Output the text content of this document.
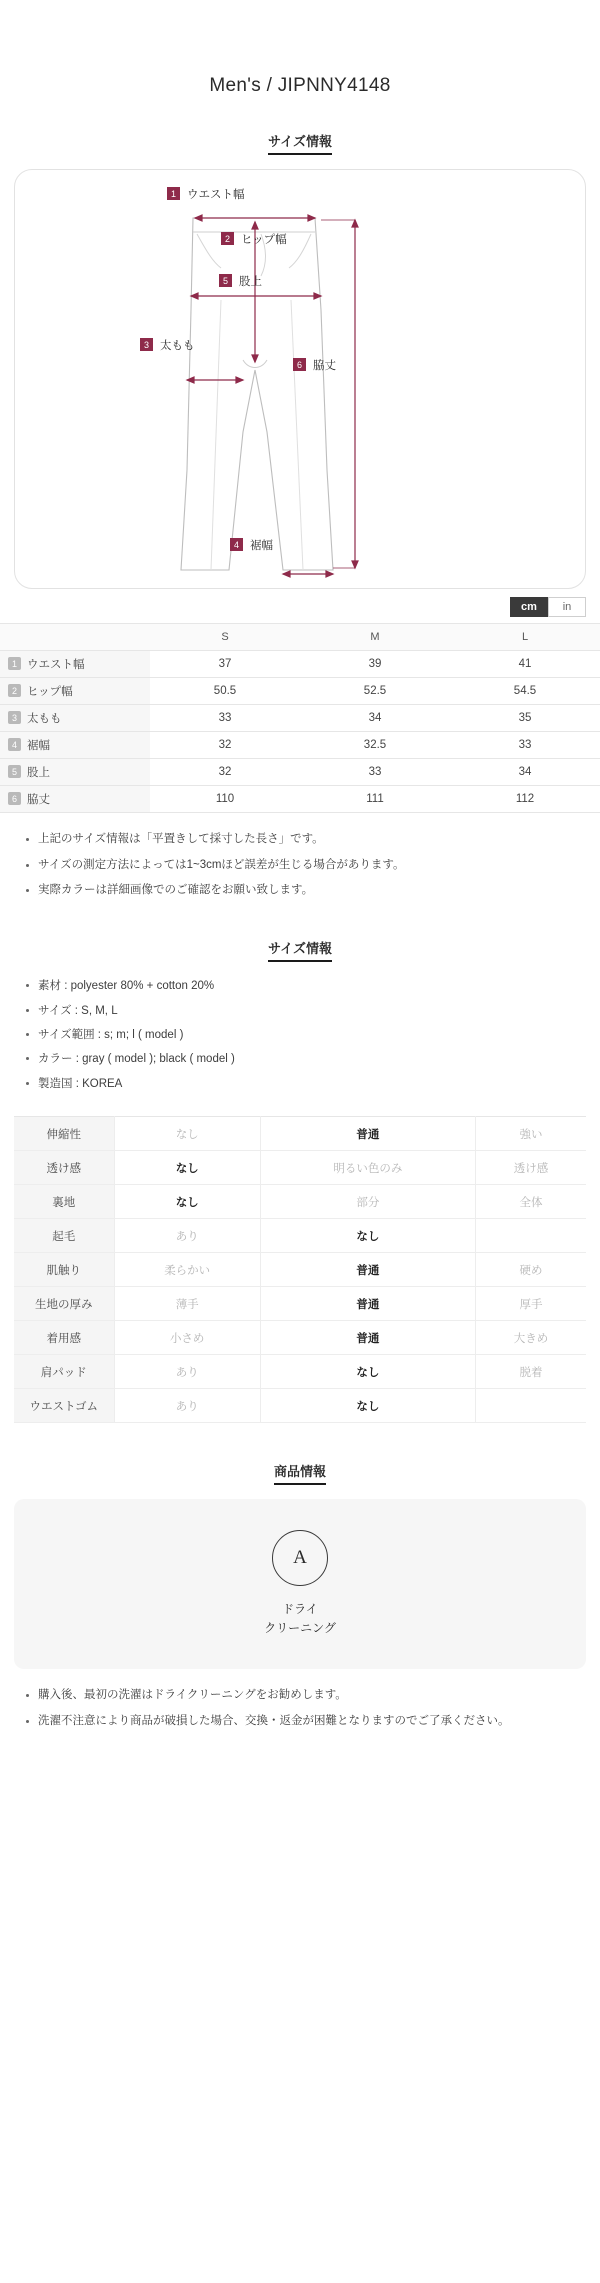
Men's / JIPNNY4148
サイズ情報
1 ウエスト幅
2 ヒップ幅
5 股上
3 太もも
6 脇丈
4 裾幅
cm	in
	S	M	L
1 ウエスト幅	37	39	41
2 ヒップ幅	50.5	52.5	54.5
3 太もも	33	34	35
4 裾幅	32	32.5	33
5 股上	32	33	34
6 脇丈	110	111	112
上記のサイズ情報は「平置きして採寸した長さ」です。
サイズの測定方法によっては1~3cmほど誤差が生じる場合があります。
実際カラーは詳細画像でのご確認をお願い致します。
サイズ情報
素材 : polyester 80% + cotton 20%
サイズ : S, M, L
サイズ範囲 : s; m; l ( model )
カラー : gray ( model ); black ( model )
製造国 : KOREA
伸縮性	なし	普通	強い
透け感	なし	明るい色のみ	透け感
裏地	なし	部分	全体
起毛	あり	なし	
肌触り	柔らかい	普通	硬め
生地の厚み	薄手	普通	厚手
着用感	小さめ	普通	大きめ
肩パッド	あり	なし	脱着
ウエストゴム	あり	なし	
商品情報
A
ドライ
クリーニング
購入後、最初の洗濯はドライクリーニングをお勧めします。
洗濯不注意により商品が破損した場合、交換・返金が困難となりますのでご了承ください。
